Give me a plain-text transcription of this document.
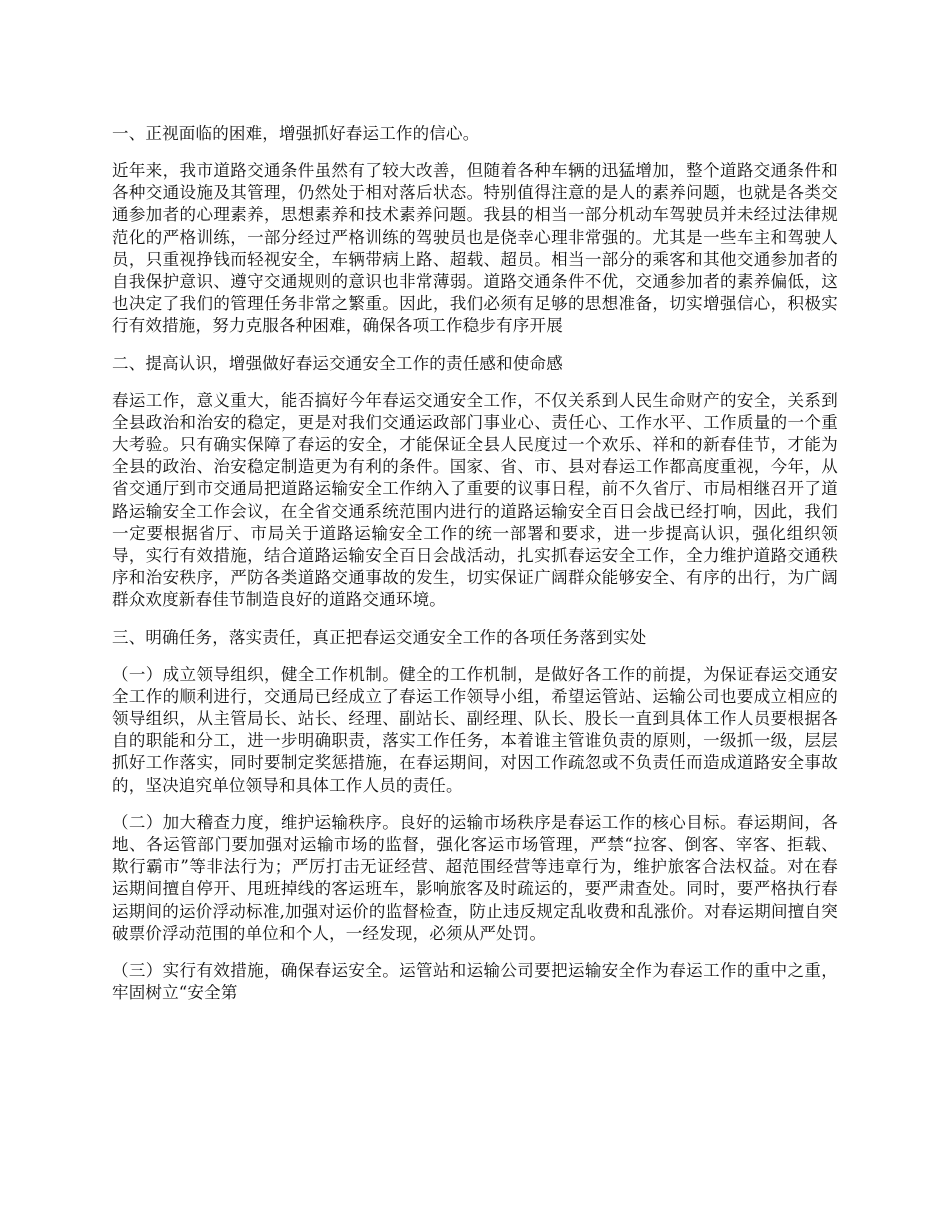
一、正视面临的困难，增强抓好春运工作的信心。

近年来，我市道路交通条件虽然有了较大改善，但随着各种车辆的迅猛增加，整个道路交通条件和各种交通设施及其管理，仍然处于相对落后状态。特别值得注意的是人的素养问题，也就是各类交通参加者的心理素养，思想素养和技术素养问题。我县的相当一部分机动车驾驶员并未经过法律规范化的严格训练，一部分经过严格训练的驾驶员也是侥幸心理非常强的。尤其是一些车主和驾驶人员，只重视挣钱而轻视安全，车辆带病上路、超载、超员。相当一部分的乘客和其他交通参加者的自我保护意识、遵守交通规则的意识也非常薄弱。道路交通条件不优，交通参加者的素养偏低，这也决定了我们的管理任务非常之繁重。因此，我们必须有足够的思想准备，切实增强信心，积极实行有效措施，努力克服各种困难，确保各项工作稳步有序开展

二、提高认识，增强做好春运交通安全工作的责任感和使命感

春运工作，意义重大，能否搞好今年春运交通安全工作，不仅关系到人民生命财产的安全，关系到全县政治和治安的稳定，更是对我们交通运政部门事业心、责任心、工作水平、工作质量的一个重大考验。只有确实保障了春运的安全，才能保证全县人民度过一个欢乐、祥和的新春佳节，才能为全县的政治、治安稳定制造更为有利的条件。国家、省、市、县对春运工作都高度重视，今年，从省交通厅到市交通局把道路运输安全工作纳入了重要的议事日程，前不久省厅、市局相继召开了道路运输安全工作会议，在全省交通系统范围内进行的道路运输安全百日会战已经打响，因此，我们一定要根据省厅、市局关于道路运输安全工作的统一部署和要求，进一步提高认识，强化组织领导，实行有效措施，结合道路运输安全百日会战活动，扎实抓春运安全工作，全力维护道路交通秩序和治安秩序，严防各类道路交通事故的发生，切实保证广阔群众能够安全、有序的出行，为广阔群众欢度新春佳节制造良好的道路交通环境。

三、明确任务，落实责任，真正把春运交通安全工作的各项任务落到实处

（一）成立领导组织，健全工作机制。健全的工作机制，是做好各工作的前提，为保证春运交通安全工作的顺利进行，交通局已经成立了春运工作领导小组，希望运管站、运输公司也要成立相应的领导组织，从主管局长、站长、经理、副站长、副经理、队长、股长一直到具体工作人员要根据各自的职能和分工，进一步明确职责，落实工作任务，本着谁主管谁负责的原则，一级抓一级，层层抓好工作落实，同时要制定奖惩措施，在春运期间，对因工作疏忽或不负责任而造成道路安全事故的，坚决追究单位领导和具体工作人员的责任。

（二）加大稽查力度，维护运输秩序。良好的运输市场秩序是春运工作的核心目标。春运期间，各地、各运管部门要加强对运输市场的监督，强化客运市场管理，严禁“拉客、倒客、宰客、拒载、欺行霸市”等非法行为；严厉打击无证经营、超范围经营等违章行为，维护旅客合法权益。对在春运期间擅自停开、甩班掉线的客运班车，影响旅客及时疏运的，要严肃查处。同时，要严格执行春运期间的运价浮动标准,加强对运价的监督检查，防止违反规定乱收费和乱涨价。对春运期间擅自突破票价浮动范围的单位和个人，一经发现，必须从严处罚。

（三）实行有效措施，确保春运安全。运管站和运输公司要把运输安全作为春运工作的重中之重，牢固树立“安全第
